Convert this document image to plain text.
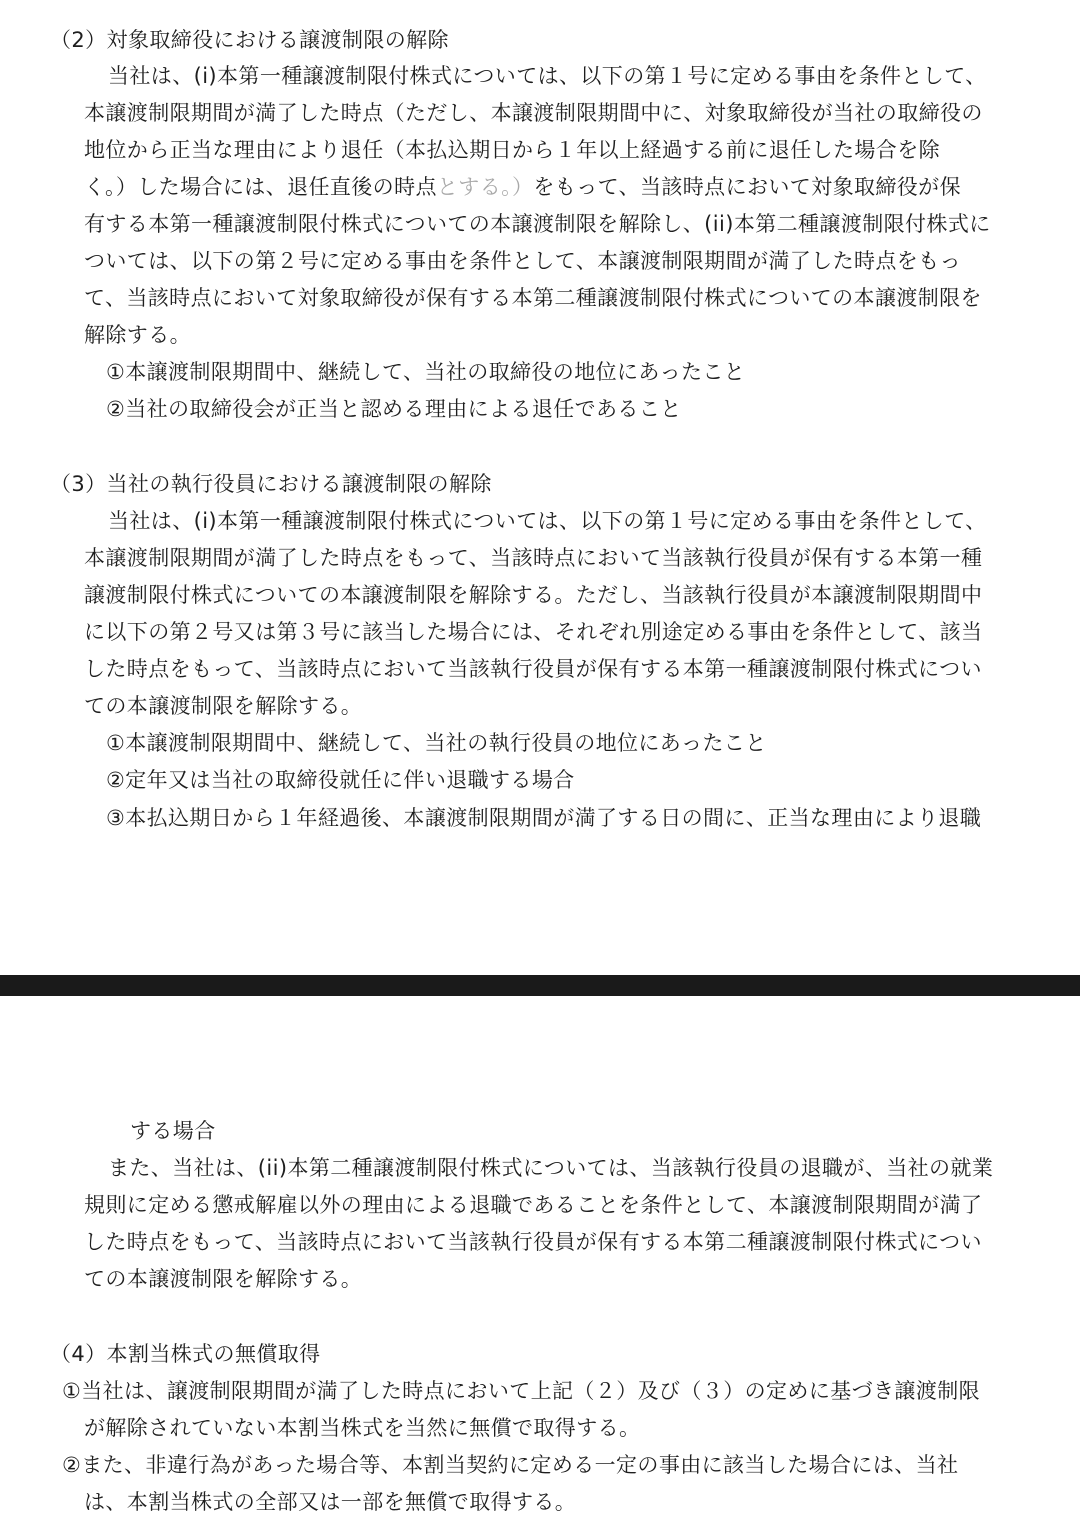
（2）対象取締役における譲渡制限の解除
当社は、(i)本第一種譲渡制限付株式については、以下の第１号に定める事由を条件として、
本譲渡制限期間が満了した時点（ただし、本譲渡制限期間中に、対象取締役が当社の取締役の
地位から正当な理由により退任（本払込期日から１年以上経過する前に退任した場合を除
く。）した場合には、退任直後の時点とする。）をもって、当該時点において対象取締役が保
有する本第一種譲渡制限付株式についての本譲渡制限を解除し、(ii)本第二種譲渡制限付株式に
ついては、以下の第２号に定める事由を条件として、本譲渡制限期間が満了した時点をもっ
て、当該時点において対象取締役が保有する本第二種譲渡制限付株式についての本譲渡制限を
解除する。
①本譲渡制限期間中、継続して、当社の取締役の地位にあったこと
②当社の取締役会が正当と認める理由による退任であること
（3）当社の執行役員における譲渡制限の解除
当社は、(i)本第一種譲渡制限付株式については、以下の第１号に定める事由を条件として、
本譲渡制限期間が満了した時点をもって、当該時点において当該執行役員が保有する本第一種
譲渡制限付株式についての本譲渡制限を解除する。ただし、当該執行役員が本譲渡制限期間中
に以下の第２号又は第３号に該当した場合には、それぞれ別途定める事由を条件として、該当
した時点をもって、当該時点において当該執行役員が保有する本第一種譲渡制限付株式につい
ての本譲渡制限を解除する。
①本譲渡制限期間中、継続して、当社の執行役員の地位にあったこと
②定年又は当社の取締役就任に伴い退職する場合
③本払込期日から１年経過後、本譲渡制限期間が満了する日の間に、正当な理由により退職
する場合
また、当社は、(ii)本第二種譲渡制限付株式については、当該執行役員の退職が、当社の就業
規則に定める懲戒解雇以外の理由による退職であることを条件として、本譲渡制限期間が満了
した時点をもって、当該時点において当該執行役員が保有する本第二種譲渡制限付株式につい
ての本譲渡制限を解除する。
（4）本割当株式の無償取得
①当社は、譲渡制限期間が満了した時点において上記（２）及び（３）の定めに基づき譲渡制限
が解除されていない本割当株式を当然に無償で取得する。
②また、非違行為があった場合等、本割当契約に定める一定の事由に該当した場合には、当社
は、本割当株式の全部又は一部を無償で取得する。
